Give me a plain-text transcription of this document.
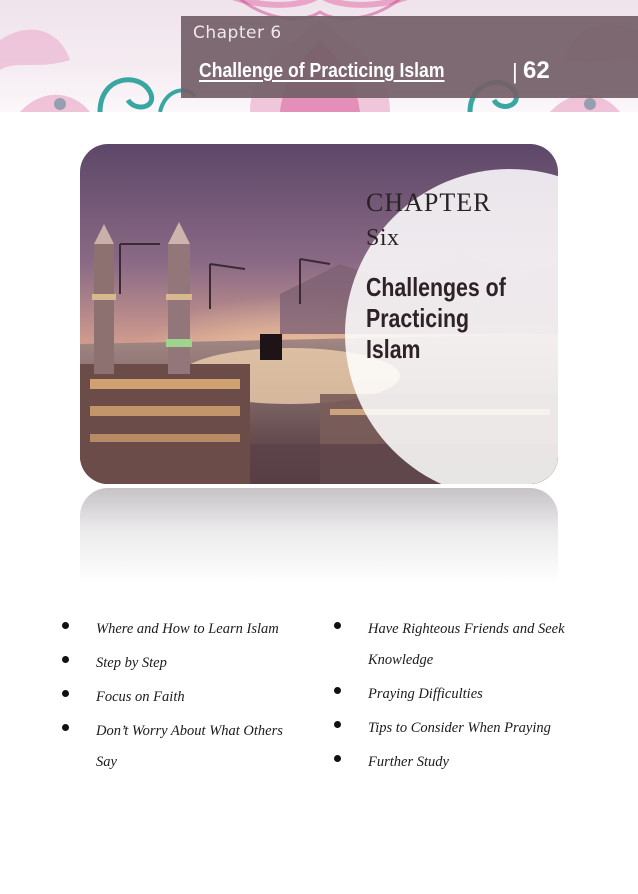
Chapter 6
Challenge of Practicing Islam	| 62
CHAPTER
Six
Challenges of
Practicing
Islam
Where and How to Learn Islam
Step by Step
Focus on Faith
Don’t Worry About What Others Say
Have Righteous Friends and Seek Knowledge
Praying Difficulties
Tips to Consider When Praying
Further Study
